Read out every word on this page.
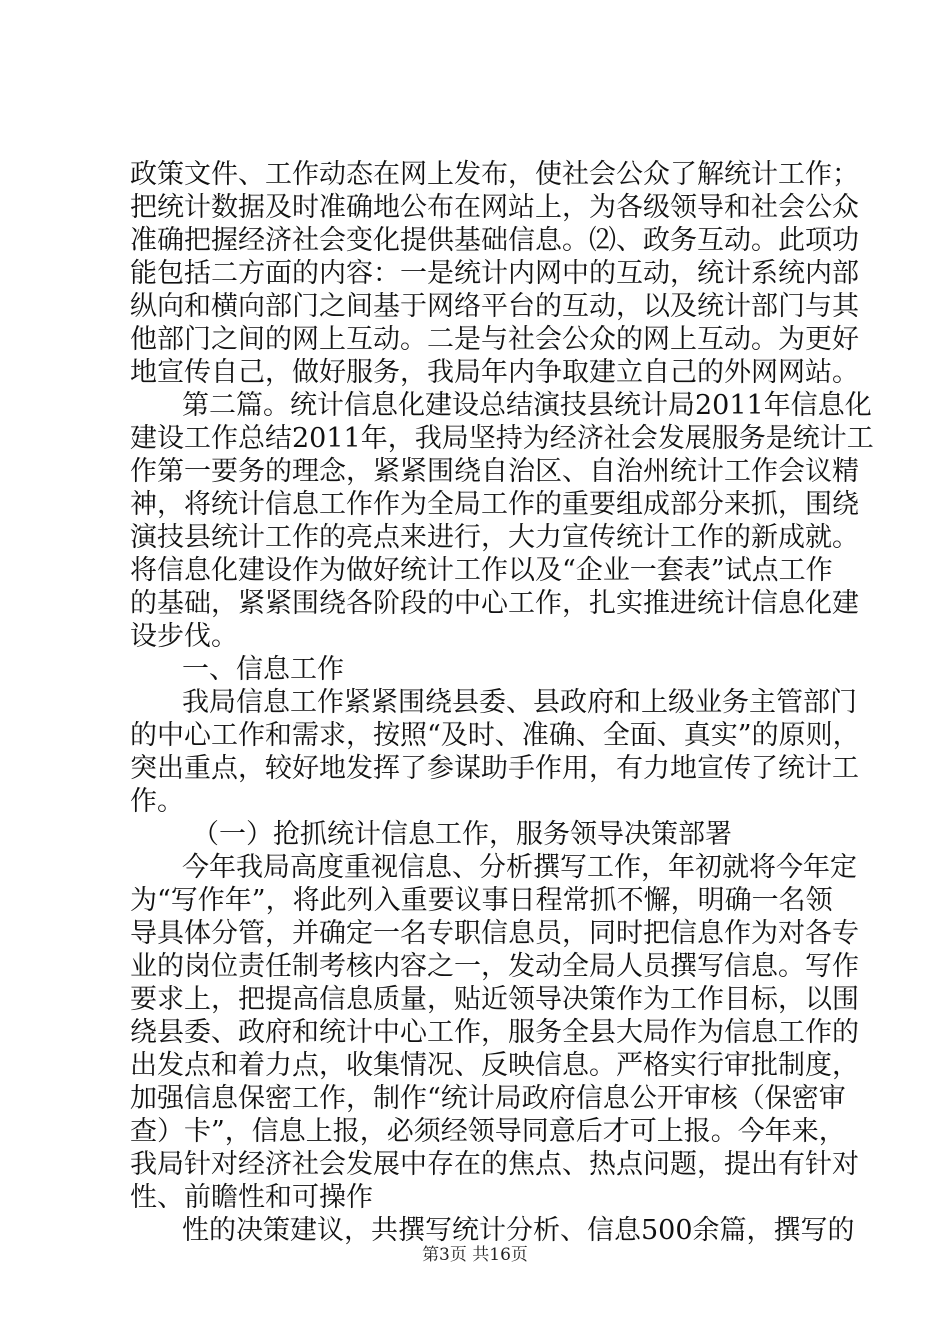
政策文件、工作动态在网上发布，使社会公众了解统计工作；
把统计数据及时准确地公布在网站上，为各级领导和社会公众
准确把握经济社会变化提供基础信息。⑵、政务互动。此项功
能包括二方面的内容：一是统计内网中的互动，统计系统内部
纵向和横向部门之间基于网络平台的互动，以及统计部门与其
他部门之间的网上互动。二是与社会公众的网上互动。为更好
地宣传自己，做好服务，我局年内争取建立自己的外网网站。
第二篇。统计信息化建设总结演技县统计局2011年信息化
建设工作总结2011年，我局坚持为经济社会发展服务是统计工
作第一要务的理念，紧紧围绕自治区、自治州统计工作会议精
神，将统计信息工作作为全局工作的重要组成部分来抓，围绕
演技县统计工作的亮点来进行，大力宣传统计工作的新成就。
将信息化建设作为做好统计工作以及“企业一套表”试点工作
的基础，紧紧围绕各阶段的中心工作，扎实推进统计信息化建
设步伐。
一、信息工作
我局信息工作紧紧围绕县委、县政府和上级业务主管部门
的中心工作和需求，按照“及时、准确、全面、真实”的原则，
突出重点，较好地发挥了参谋助手作用，有力地宣传了统计工
作。
（一）抢抓统计信息工作，服务领导决策部署
今年我局高度重视信息、分析撰写工作，年初就将今年定
为“写作年”，将此列入重要议事日程常抓不懈，明确一名领
导具体分管，并确定一名专职信息员，同时把信息作为对各专
业的岗位责任制考核内容之一，发动全局人员撰写信息。写作
要求上，把提高信息质量，贴近领导决策作为工作目标，以围
绕县委、政府和统计中心工作，服务全县大局作为信息工作的
出发点和着力点，收集情况、反映信息。严格实行审批制度，
加强信息保密工作，制作“统计局政府信息公开审核（保密审
查）卡”，信息上报，必须经领导同意后才可上报。今年来，
我局针对经济社会发展中存在的焦点、热点问题，提出有针对
性、前瞻性和可操作
性的决策建议，共撰写统计分析、信息500余篇，撰写的
第3页 共16页
